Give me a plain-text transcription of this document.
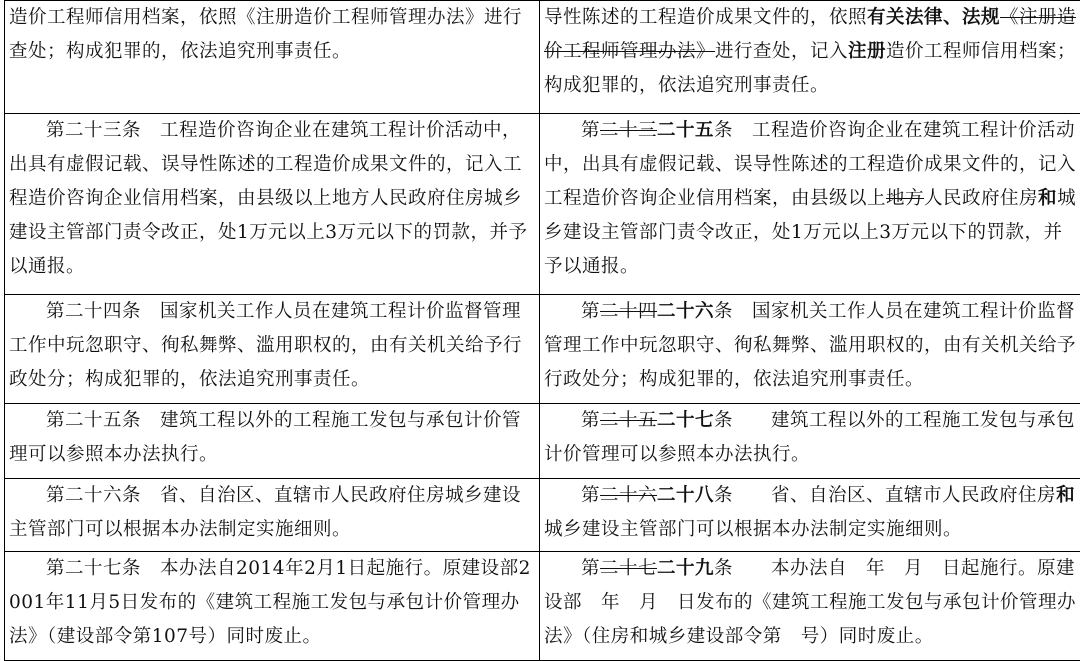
造价工程师信用档案，依照《注册造价工程师管理办法》进行查处；构成犯罪的，依法追究刑事责任。	导性陈述的工程造价成果文件的，依照有关法律、法规《注册造价工程师管理办法》进行查处，记入注册造价工程师信用档案；构成犯罪的，依法追究刑事责任。

第二十三条　工程造价咨询企业在建筑工程计价活动中，出具有虚假记载、误导性陈述的工程造价成果文件的，记入工程造价咨询企业信用档案，由县级以上地方人民政府住房城乡建设主管部门责令改正，处1万元以上3万元以下的罚款，并予以通报。	第二十三二十五条　工程造价咨询企业在建筑工程计价活动中，出具有虚假记载、误导性陈述的工程造价成果文件的，记入工程造价咨询企业信用档案，由县级以上地方人民政府住房和城乡建设主管部门责令改正，处1万元以上3万元以下的罚款，并予以通报。

第二十四条　国家机关工作人员在建筑工程计价监督管理工作中玩忽职守、徇私舞弊、滥用职权的，由有关机关给予行政处分；构成犯罪的，依法追究刑事责任。	第二十四二十六条　国家机关工作人员在建筑工程计价监督管理工作中玩忽职守、徇私舞弊、滥用职权的，由有关机关给予行政处分；构成犯罪的，依法追究刑事责任。

第二十五条　建筑工程以外的工程施工发包与承包计价管理可以参照本办法执行。	第二十五二十七条　　建筑工程以外的工程施工发包与承包计价管理可以参照本办法执行。

第二十六条　省、自治区、直辖市人民政府住房城乡建设主管部门可以根据本办法制定实施细则。	第二十六二十八条　　省、自治区、直辖市人民政府住房和城乡建设主管部门可以根据本办法制定实施细则。

第二十七条　本办法自2014年2月1日起施行。原建设部2001年11月5日发布的《建筑工程施工发包与承包计价管理办法》（建设部令第107号）同时废止。	第二十七二十九条　　本办法自　年　月　日起施行。原建设部　年　月　日发布的《建筑工程施工发包与承包计价管理办法》（住房和城乡建设部令第　号）同时废止。
